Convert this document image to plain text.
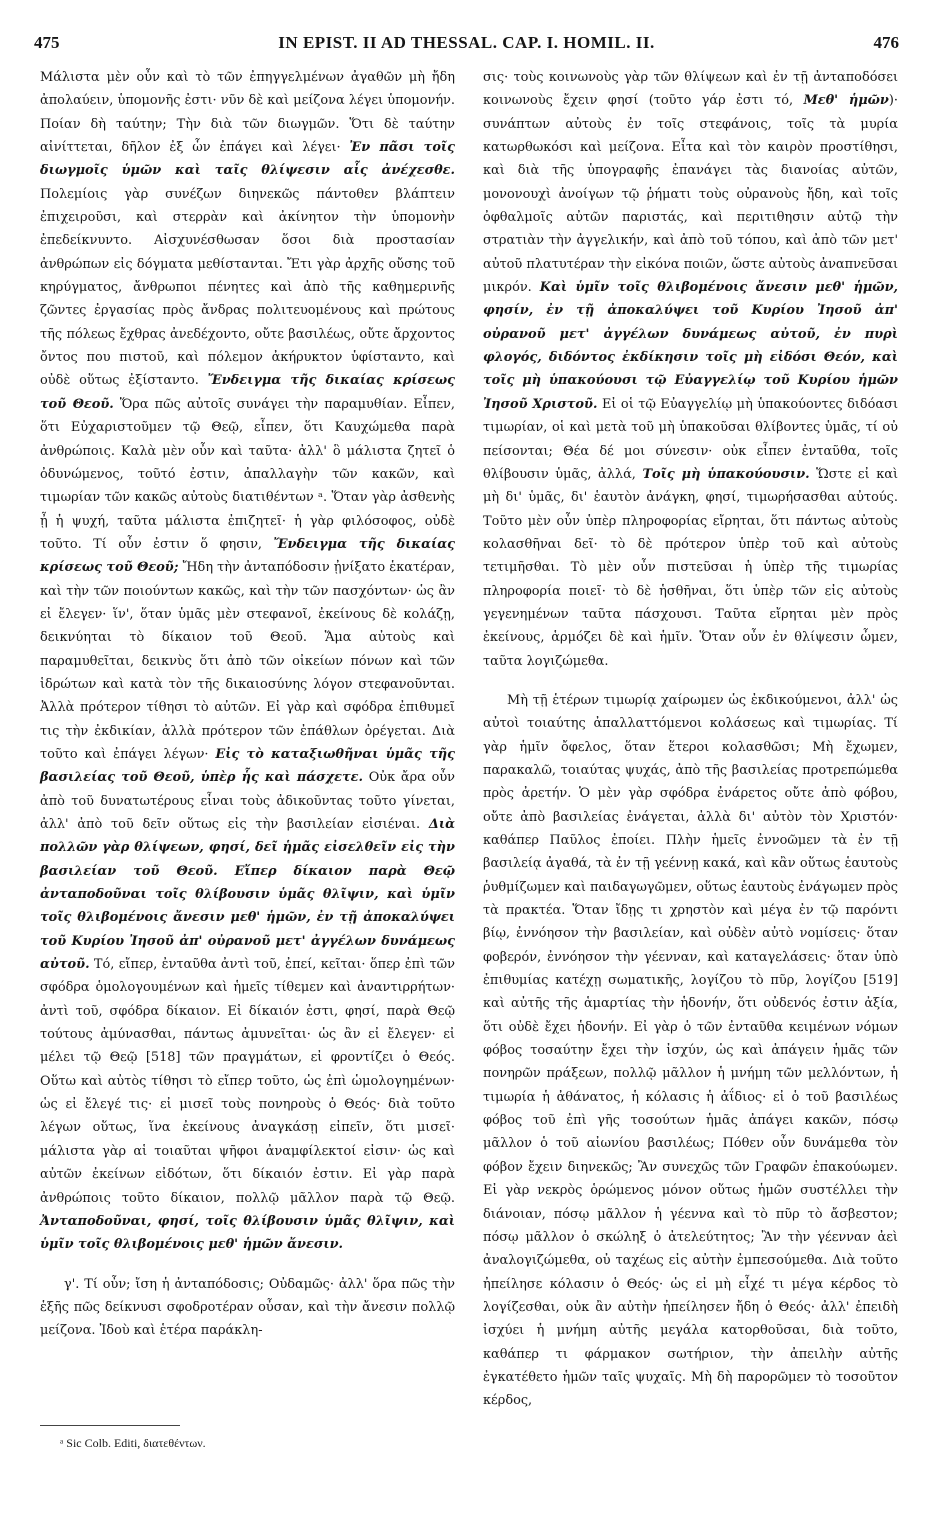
475	IN EPIST. II AD THESSAL. CAP. I. HOMIL. II.	476

Μάλιστα μὲν οὖν καὶ τὸ τῶν ἐπηγγελμένων ἀγαθῶν μὴ ἤδη ἀπολαύειν, ὑπομονῆς ἐστι· νῦν δὲ καὶ μείζονα λέγει ὑπομονήν. Ποίαν δὴ ταύτην; Τὴν διὰ τῶν διωγμῶν. Ὅτι δὲ ταύτην αἰνίττεται, δῆλον ἐξ ὧν ἐπάγει καὶ λέγει· Ἐν πᾶσι τοῖς διωγμοῖς ὑμῶν καὶ ταῖς θλίψεσιν αἷς ἀνέχεσθε. Πολεμίοις γὰρ συνέζων διηνεκῶς πάντοθεν βλάπτειν ἐπιχειροῦσι, καὶ στερρὰν καὶ ἀκίνητον τὴν ὑπομονὴν ἐπεδείκνυντο. Αἰσχυνέσθωσαν ὅσοι διὰ προστασίαν ἀνθρώπων εἰς δόγματα μεθίστανται. Ἔτι γὰρ ἀρχῆς οὔσης τοῦ κηρύγματος, ἄνθρωποι πένητες καὶ ἀπὸ τῆς καθημερινῆς ζῶντες ἐργασίας πρὸς ἄνδρας πολιτευομένους καὶ πρώτους τῆς πόλεως ἔχθρας ἀνεδέχοντο, οὔτε βασιλέως, οὔτε ἄρχοντος ὄντος που πιστοῦ, καὶ πόλεμον ἀκήρυκτον ὑφίσταντο, καὶ οὐδὲ οὕτως ἐξίσταντο. Ἔνδειγμα τῆς δικαίας κρίσεως τοῦ Θεοῦ. Ὅρα πῶς αὐτοῖς συνάγει τὴν παραμυθίαν. Εἶπεν, ὅτι Εὐχαριστοῦμεν τῷ Θεῷ, εἶπεν, ὅτι Καυχώμεθα παρὰ ἀνθρώποις. Καλὰ μὲν οὖν καὶ ταῦτα· ἀλλ' ὃ μάλιστα ζητεῖ ὁ ὀδυνώμενος, τοῦτό ἐστιν, ἀπαλλαγὴν τῶν κακῶν, καὶ τιμωρίαν τῶν κακῶς αὐτοὺς διατιθέντων ᵃ. Ὅταν γὰρ ἀσθενὴς ᾖ ἡ ψυχή, ταῦτα μάλιστα ἐπιζητεῖ· ἡ γὰρ φιλόσοφος, οὐδὲ τοῦτο. Τί οὖν ἐστιν ὅ φησιν, Ἔνδειγμα τῆς δικαίας κρίσεως τοῦ Θεοῦ; Ἤδη τὴν ἀνταπόδοσιν ᾐνίξατο ἑκατέραν, καὶ τὴν τῶν ποιούντων κακῶς, καὶ τὴν τῶν πασχόντων· ὡς ἂν εἰ ἔλεγεν· ἵν', ὅταν ὑμᾶς μὲν στεφανοῖ, ἐκείνους δὲ κολάζῃ, δεικνύηται τὸ δίκαιον τοῦ Θεοῦ. Ἅμα αὐτοὺς καὶ παραμυθεῖται, δεικνὺς ὅτι ἀπὸ τῶν οἰκείων πόνων καὶ τῶν ἱδρώτων καὶ κατὰ τὸν τῆς δικαιοσύνης λόγον στεφανοῦνται. Ἀλλὰ πρότερον τίθησι τὸ αὐτῶν. Εἰ γὰρ καὶ σφόδρα ἐπιθυμεῖ τις τὴν ἐκδικίαν, ἀλλὰ πρότερον τῶν ἐπάθλων ὀρέγεται. Διὰ τοῦτο καὶ ἐπάγει λέγων· Εἰς τὸ καταξιωθῆναι ὑμᾶς τῆς βασιλείας τοῦ Θεοῦ, ὑπὲρ ἧς καὶ πάσχετε. Οὐκ ἄρα οὖν ἀπὸ τοῦ δυνατωτέρους εἶναι τοὺς ἀδικοῦντας τοῦτο γίνεται, ἀλλ' ἀπὸ τοῦ δεῖν οὕτως εἰς τὴν βασιλείαν εἰσιέναι. Διὰ πολλῶν γὰρ θλίψεων, φησί, δεῖ ἡμᾶς εἰσελθεῖν εἰς τὴν βασιλείαν τοῦ Θεοῦ. Εἴπερ δίκαιον παρὰ Θεῷ ἀνταποδοῦναι τοῖς θλίβουσιν ὑμᾶς θλῖψιν, καὶ ὑμῖν τοῖς θλιβομένοις ἄνεσιν μεθ' ἡμῶν, ἐν τῇ ἀποκαλύψει τοῦ Κυρίου Ἰησοῦ ἀπ' οὐρανοῦ μετ' ἀγγέλων δυνάμεως αὐτοῦ. Τό, εἴπερ, ἐνταῦθα ἀντὶ τοῦ, ἐπεί, κεῖται· ὅπερ ἐπὶ τῶν σφόδρα ὁμολογουμένων καὶ ἡμεῖς τίθεμεν καὶ ἀναντιρρήτων· ἀντὶ τοῦ, σφόδρα δίκαιον. Εἰ δίκαιόν ἐστι, φησί, παρὰ Θεῷ τούτους ἀμύνασθαι, πάντως ἀμυνεῖται· ὡς ἂν εἰ ἔλεγεν· εἰ μέλει τῷ Θεῷ [518] τῶν πραγμάτων, εἰ φροντίζει ὁ Θεός. Οὕτω καὶ αὐτὸς τίθησι τὸ εἴπερ τοῦτο, ὡς ἐπὶ ὡμολογημένων· ὡς εἰ ἔλεγέ τις· εἰ μισεῖ τοὺς πονηροὺς ὁ Θεός· διὰ τοῦτο λέγων οὕτως, ἵνα ἐκείνους ἀναγκάσῃ εἰπεῖν, ὅτι μισεῖ· μάλιστα γὰρ αἱ τοιαῦται ψῆφοι ἀναμφίλεκτοί εἰσιν· ὡς καὶ αὐτῶν ἐκείνων εἰδότων, ὅτι δίκαιόν ἐστιν. Εἰ γὰρ παρὰ ἀνθρώποις τοῦτο δίκαιον, πολλῷ μᾶλλον παρὰ τῷ Θεῷ. Ἀνταποδοῦναι, φησί, τοῖς θλίβουσιν ὑμᾶς θλῖψιν, καὶ ὑμῖν τοῖς θλιβομένοις μεθ' ἡμῶν ἄνεσιν.

γ'. Τί οὖν; ἴση ἡ ἀνταπόδοσις; Οὐδαμῶς· ἀλλ' ὅρα πῶς τὴν ἑξῆς πῶς δείκνυσι σφοδροτέραν οὖσαν, καὶ τὴν ἄνεσιν πολλῷ μείζονα. Ἰδοὺ καὶ ἑτέρα παράκλη-

σις· τοὺς κοινωνοὺς γὰρ τῶν θλίψεων καὶ ἐν τῇ ἀνταποδόσει κοινωνοὺς ἔχειν φησί (τοῦτο γάρ ἐστι τό, Μεθ' ἡμῶν)· συνάπτων αὐτοὺς ἐν τοῖς στεφάνοις, τοῖς τὰ μυρία κατωρθωκόσι καὶ μείζονα. Εἶτα καὶ τὸν καιρὸν προστίθησι, καὶ διὰ τῆς ὑπογραφῆς ἐπανάγει τὰς διανοίας αὐτῶν, μονονουχὶ ἀνοίγων τῷ ῥήματι τοὺς οὐρανοὺς ἤδη, καὶ τοῖς ὀφθαλμοῖς αὐτῶν παριστάς, καὶ περιτιθησιν αὐτῷ τὴν στρατιὰν τὴν ἀγγελικήν, καὶ ἀπὸ τοῦ τόπου, καὶ ἀπὸ τῶν μετ' αὐτοῦ πλατυτέραν τὴν εἰκόνα ποιῶν, ὥστε αὐτοὺς ἀναπνεῦσαι μικρόν. Καὶ ὑμῖν τοῖς θλιβομένοις ἄνεσιν μεθ' ἡμῶν, φησίν, ἐν τῇ ἀποκαλύψει τοῦ Κυρίου Ἰησοῦ ἀπ' οὐρανοῦ μετ' ἀγγέλων δυνάμεως αὐτοῦ, ἐν πυρὶ φλογός, διδόντος ἐκδίκησιν τοῖς μὴ εἰδόσι Θεόν, καὶ τοῖς μὴ ὑπακούουσι τῷ Εὐαγγελίῳ τοῦ Κυρίου ἡμῶν Ἰησοῦ Χριστοῦ. Εἰ οἱ τῷ Εὐαγγελίῳ μὴ ὑπακούοντες διδόασι τιμωρίαν, οἱ καὶ μετὰ τοῦ μὴ ὑπακοῦσαι θλίβοντες ὑμᾶς, τί οὐ πείσονται; Θέα δέ μοι σύνεσιν· οὐκ εἶπεν ἐνταῦθα, τοῖς θλίβουσιν ὑμᾶς, ἀλλά, Τοῖς μὴ ὑπακούουσιν. Ὥστε εἰ καὶ μὴ δι' ὑμᾶς, δι' ἑαυτὸν ἀνάγκη, φησί, τιμωρήσασθαι αὐτούς. Τοῦτο μὲν οὖν ὑπὲρ πληροφορίας εἴρηται, ὅτι πάντως αὐτοὺς κολασθῆναι δεῖ· τὸ δὲ πρότερον ὑπὲρ τοῦ καὶ αὐτοὺς τετιμῆσθαι. Τὸ μὲν οὖν πιστεῦσαι ἡ ὑπὲρ τῆς τιμωρίας πληροφορία ποιεῖ· τὸ δὲ ἡσθῆναι, ὅτι ὑπὲρ τῶν εἰς αὐτοὺς γεγενημένων ταῦτα πάσχουσι. Ταῦτα εἴρηται μὲν πρὸς ἐκείνους, ἁρμόζει δὲ καὶ ἡμῖν. Ὅταν οὖν ἐν θλίψεσιν ὦμεν, ταῦτα λογιζώμεθα.

Μὴ τῇ ἑτέρων τιμωρίᾳ χαίρωμεν ὡς ἐκδικούμενοι, ἀλλ' ὡς αὐτοὶ τοιαύτης ἀπαλλαττόμενοι κολάσεως καὶ τιμωρίας. Τί γὰρ ἡμῖν ὄφελος, ὅταν ἕτεροι κολασθῶσι; Μὴ ἔχωμεν, παρακαλῶ, τοιαύτας ψυχάς, ἀπὸ τῆς βασιλείας προτρεπώμεθα πρὸς ἀρετήν. Ὁ μὲν γὰρ σφόδρα ἐνάρετος οὔτε ἀπὸ φόβου, οὔτε ἀπὸ βασιλείας ἐνάγεται, ἀλλὰ δι' αὐτὸν τὸν Χριστόν· καθάπερ Παῦλος ἐποίει. Πλὴν ἡμεῖς ἐννοῶμεν τὰ ἐν τῇ βασιλείᾳ ἀγαθά, τὰ ἐν τῇ γεέννῃ κακά, καὶ κἂν οὕτως ἑαυτοὺς ῥυθμίζωμεν καὶ παιδαγωγῶμεν, οὕτως ἑαυτοὺς ἐνάγωμεν πρὸς τὰ πρακτέα. Ὅταν ἴδῃς τι χρηστὸν καὶ μέγα ἐν τῷ παρόντι βίῳ, ἐννόησον τὴν βασιλείαν, καὶ οὐδὲν αὐτὸ νομίσεις· ὅταν φοβερόν, ἐννόησον τὴν γέενναν, καὶ καταγελάσεις· ὅταν ὑπὸ ἐπιθυμίας κατέχῃ σωματικῆς, λογίζου τὸ πῦρ, λογίζου [519] καὶ αὐτῆς τῆς ἁμαρτίας τὴν ἡδονήν, ὅτι οὐδενός ἐστιν ἀξία, ὅτι οὐδὲ ἔχει ἡδονήν. Εἰ γὰρ ὁ τῶν ἐνταῦθα κειμένων νόμων φόβος τοσαύτην ἔχει τὴν ἰσχύν, ὡς καὶ ἀπάγειν ἡμᾶς τῶν πονηρῶν πράξεων, πολλῷ μᾶλλον ἡ μνήμη τῶν μελλόντων, ἡ τιμωρία ἡ ἀθάνατος, ἡ κόλασις ἡ ἀΐδιος· εἰ ὁ τοῦ βασιλέως φόβος τοῦ ἐπὶ γῆς τοσούτων ἡμᾶς ἀπάγει κακῶν, πόσῳ μᾶλλον ὁ τοῦ αἰωνίου βασιλέως; Πόθεν οὖν δυνάμεθα τὸν φόβον ἔχειν διηνεκῶς; Ἂν συνεχῶς τῶν Γραφῶν ἐπακούωμεν. Εἰ γὰρ νεκρὸς ὁρώμενος μόνον οὕτως ἡμῶν συστέλλει τὴν διάνοιαν, πόσῳ μᾶλλον ἡ γέεννα καὶ τὸ πῦρ τὸ ἄσβεστον; πόσῳ μᾶλλον ὁ σκώληξ ὁ ἀτελεύτητος; Ἂν τὴν γέενναν ἀεὶ ἀναλογιζώμεθα, οὐ ταχέως εἰς αὐτὴν ἐμπεσούμεθα. Διὰ τοῦτο ἠπείλησε κόλασιν ὁ Θεός· ὡς εἰ μὴ εἶχέ τι μέγα κέρδος τὸ λογίζεσθαι, οὐκ ἂν αὐτὴν ἠπείλησεν ἤδη ὁ Θεός· ἀλλ' ἐπειδὴ ἰσχύει ἡ μνήμη αὐτῆς μεγάλα κατορθοῦσαι, διὰ τοῦτο, καθάπερ τι φάρμακον σωτήριον, τὴν ἀπειλὴν αὐτῆς ἐγκατέθετο ἡμῶν ταῖς ψυχαῖς. Μὴ δὴ παρορῶμεν τὸ τοσοῦτον κέρδος,

ᵃ Sic Colb. Editi, διατεθέντων.
